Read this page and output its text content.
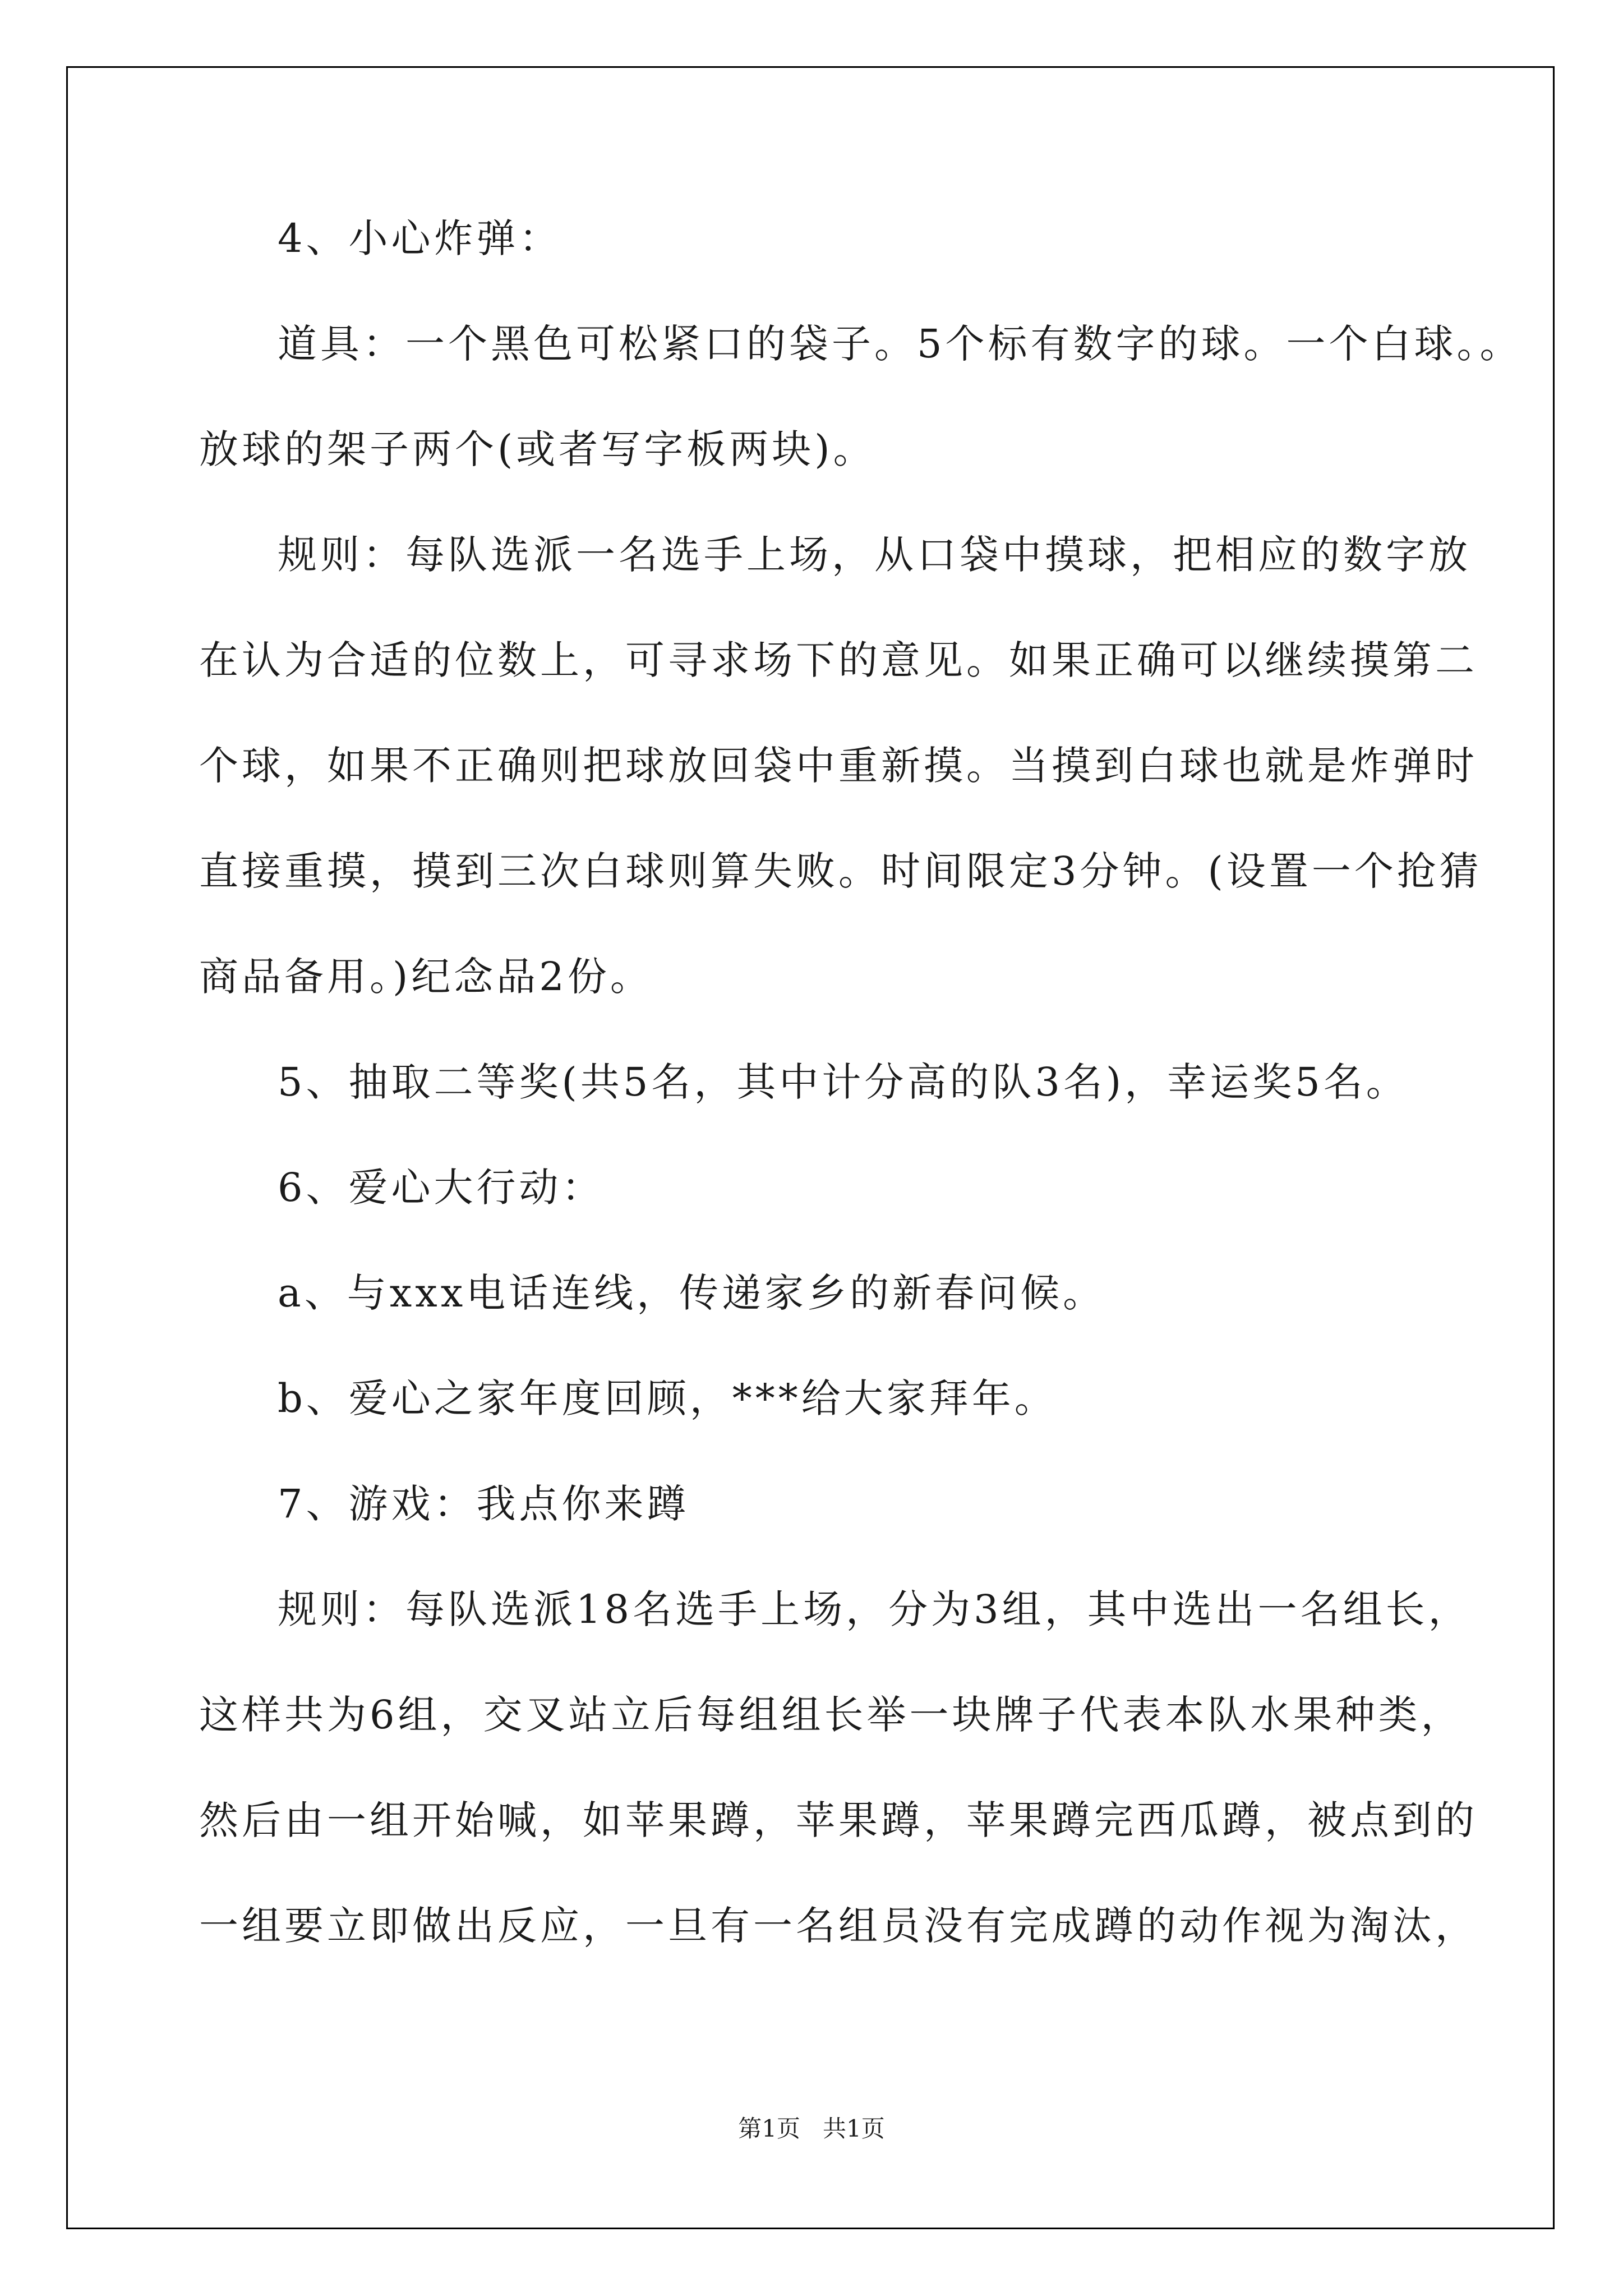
4、小心炸弹：
道具：一个黑色可松紧口的袋子。5个标有数字的球。一个白球。。
放球的架子两个(或者写字板两块)。
规则：每队选派一名选手上场，从口袋中摸球，把相应的数字放
在认为合适的位数上，可寻求场下的意见。如果正确可以继续摸第二
个球，如果不正确则把球放回袋中重新摸。当摸到白球也就是炸弹时
直接重摸，摸到三次白球则算失败。时间限定3分钟。(设置一个抢猜
商品备用。)纪念品2份。
5、抽取二等奖(共5名，其中计分高的队3名)，幸运奖5名。
6、爱心大行动：
a、与xxx电话连线，传递家乡的新春问候。
b、爱心之家年度回顾，***给大家拜年。
7、游戏：我点你来蹲
规则：每队选派18名选手上场，分为3组，其中选出一名组长，
这样共为6组，交叉站立后每组组长举一块牌子代表本队水果种类，
然后由一组开始喊，如苹果蹲，苹果蹲，苹果蹲完西瓜蹲，被点到的
一组要立即做出反应，一旦有一名组员没有完成蹲的动作视为淘汰，
第1页   共1页
